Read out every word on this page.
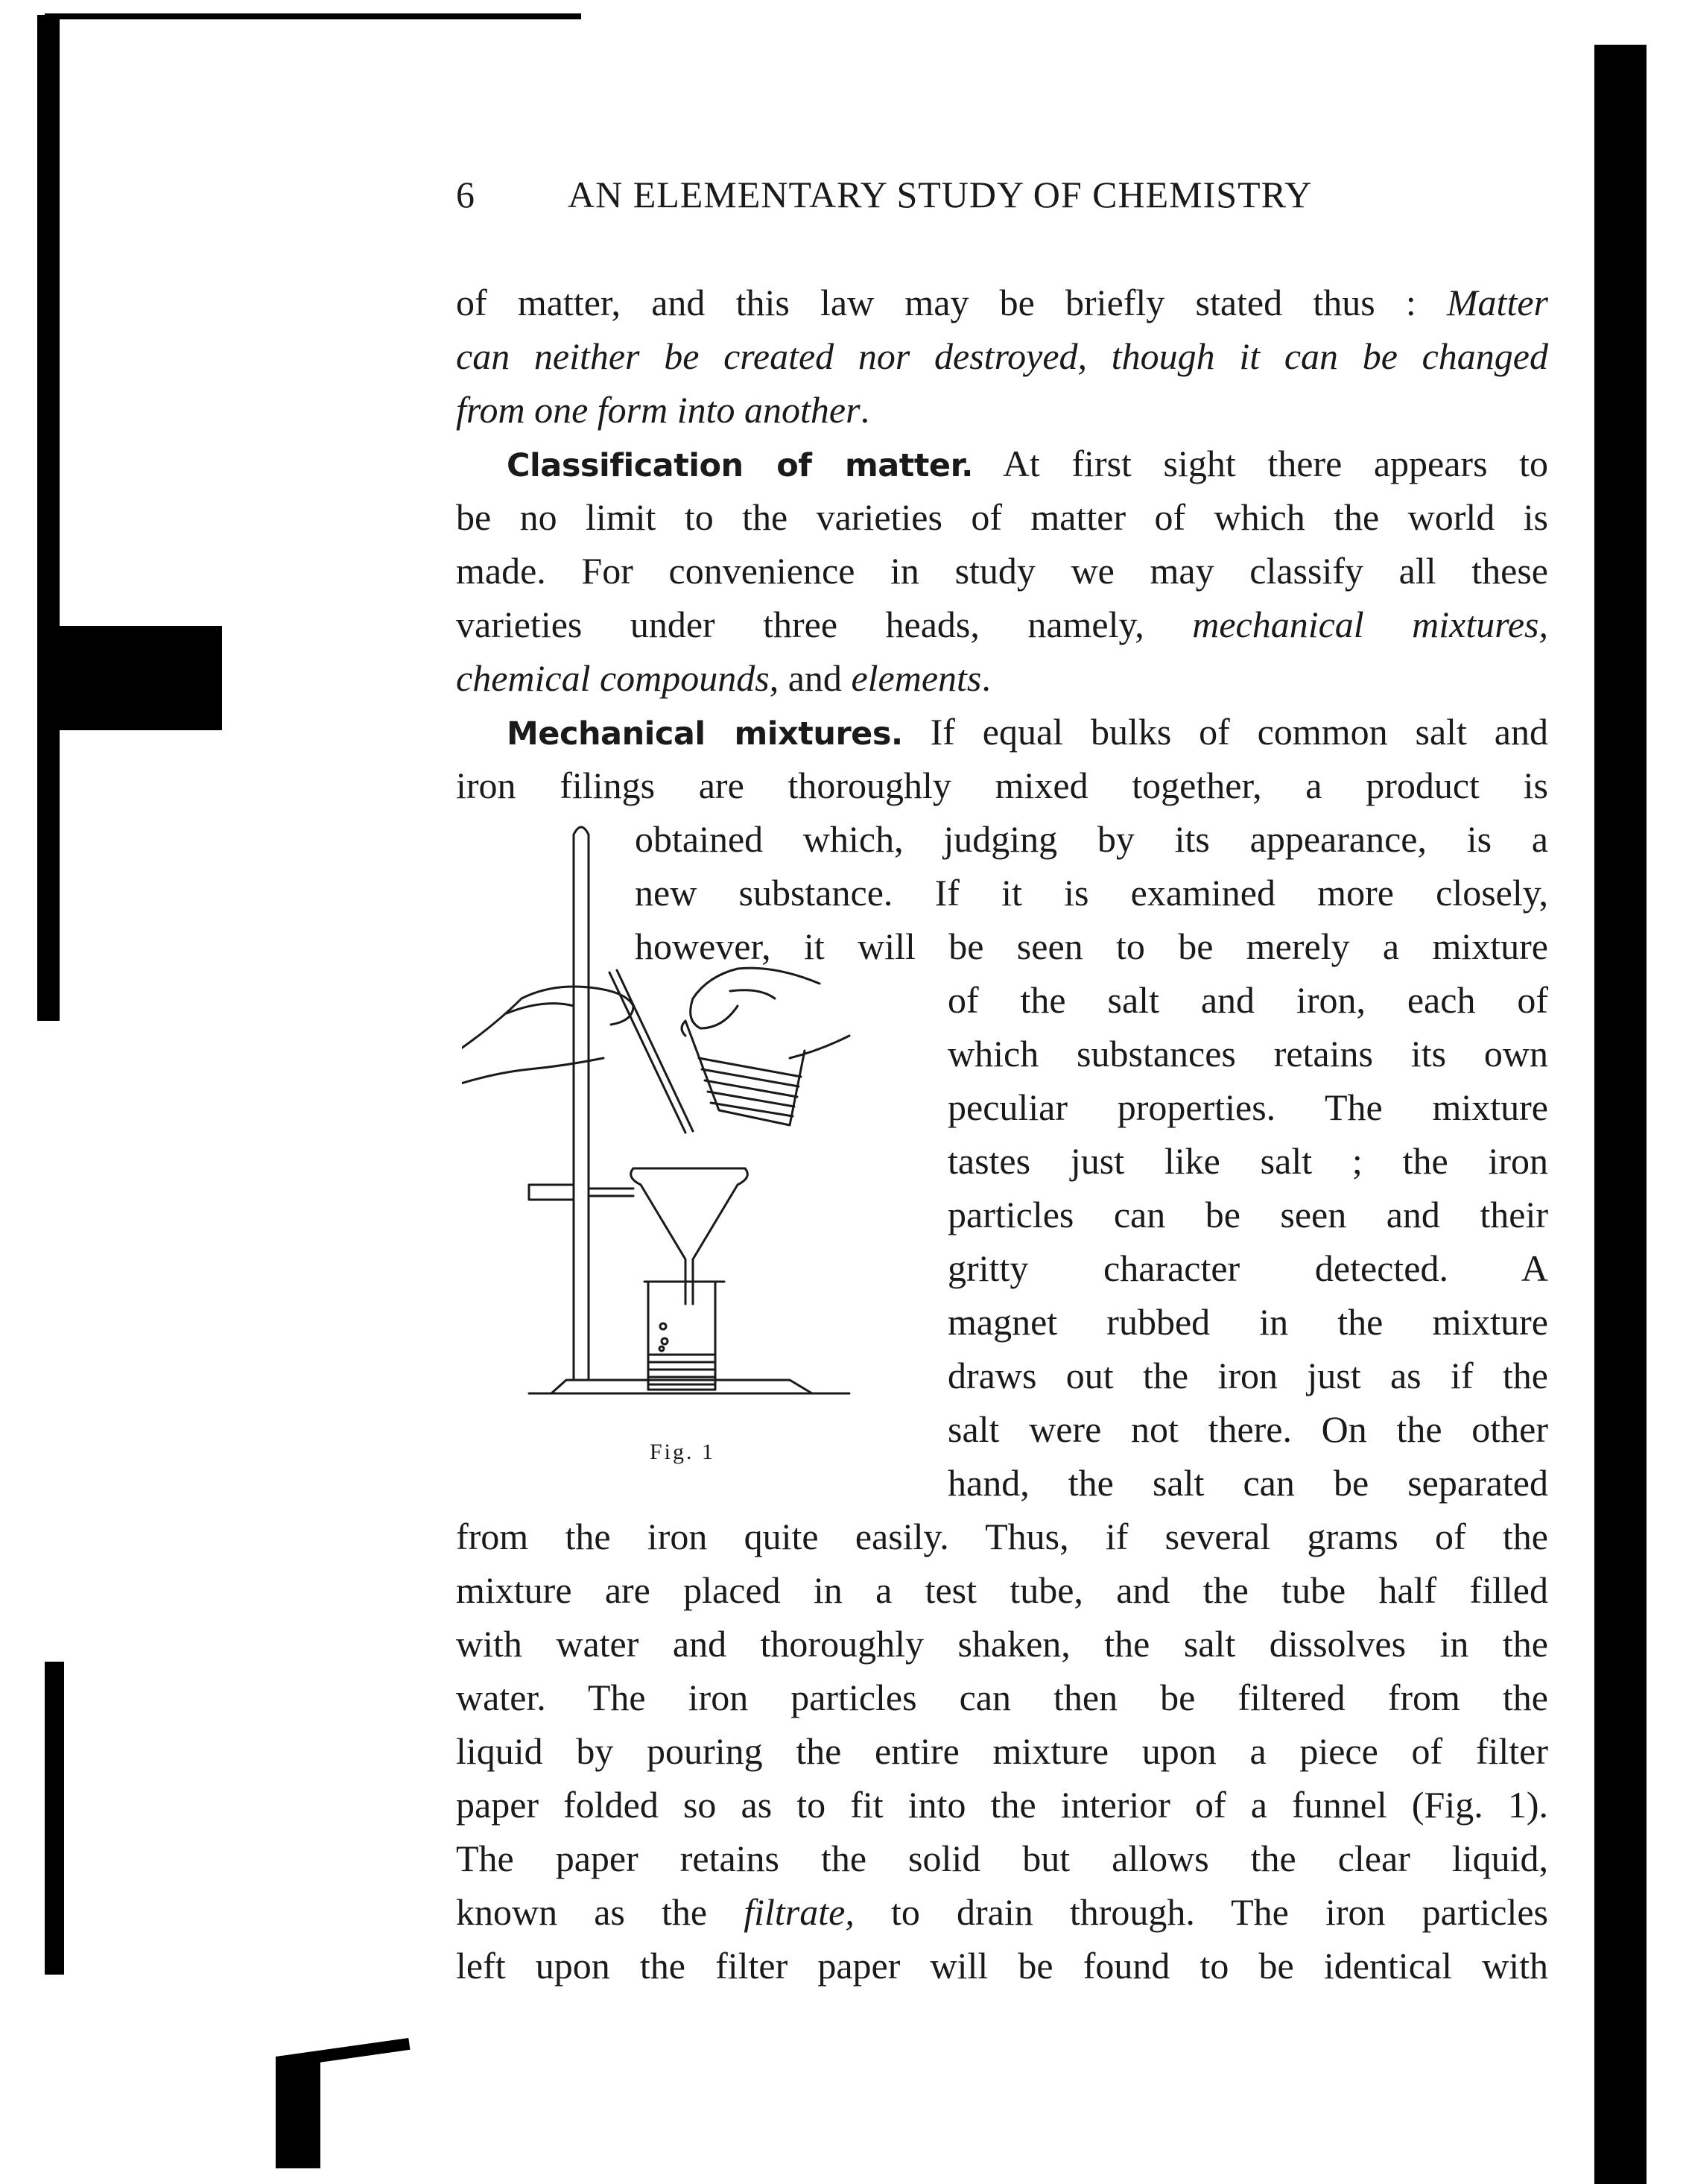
6 AN ELEMENTARY STUDY OF CHEMISTRY
of matter, and this law may be briefly stated thus : Matter
can neither be created nor destroyed, though it can be changed
from one form into another.
Classification of matter. At first sight there appears to
be no limit to the varieties of matter of which the world is
made. For convenience in study we may classify all these
varieties under three heads, namely, mechanical mixtures,
chemical compounds, and elements.
Mechanical mixtures. If equal bulks of common salt and
iron filings are thoroughly mixed together, a product is
obtained which, judging by its appearance, is a
new substance. If it is examined more closely,
however, it will be seen to be merely a mixture
of the salt and iron, each of
which substances retains its own
peculiar properties. The mixture
tastes just like salt ; the iron
particles can be seen and their
gritty character detected. A
magnet rubbed in the mixture
draws out the iron just as if the
salt were not there. On the other
hand, the salt can be separated
from the iron quite easily. Thus, if several grams of the
mixture are placed in a test tube, and the tube half filled
with water and thoroughly shaken, the salt dissolves in the
water. The iron particles can then be filtered from the
liquid by pouring the entire mixture upon a piece of filter
paper folded so as to fit into the interior of a funnel (Fig. 1).
The paper retains the solid but allows the clear liquid,
known as the filtrate, to drain through. The iron particles
left upon the filter paper will be found to be identical with
Fig. 1
